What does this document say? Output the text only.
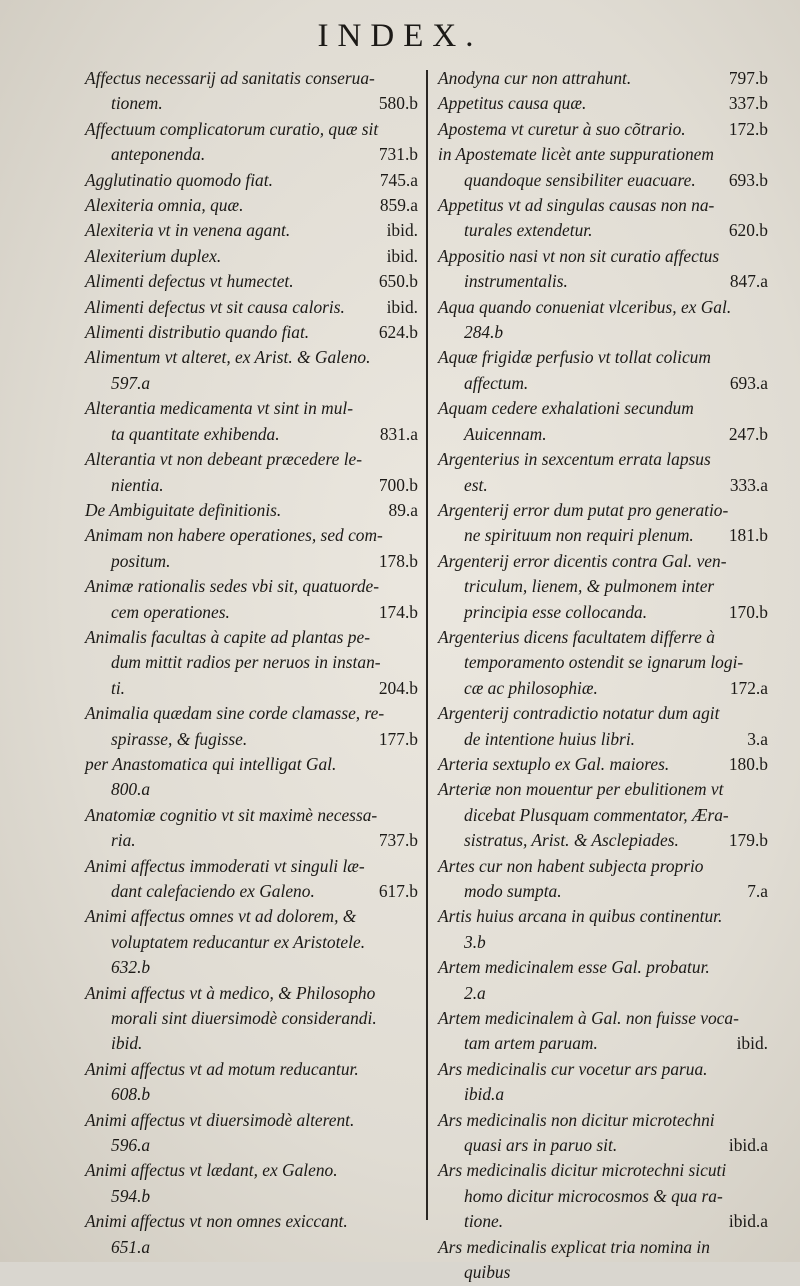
INDEX.
Affectus necessarij ad sanitatis conserua-
tionem.	580.b
Affectuum complicatorum curatio, quæ sit
anteponenda.	731.b
Agglutinatio quomodo fiat.	745.a
Alexiteria omnia, quæ.	859.a
Alexiteria vt in venena agant.	ibid.
Alexiterium duplex.	ibid.
Alimenti defectus vt humectet.	650.b
Alimenti defectus vt sit causa caloris. ibid.
Alimenti distributio quando fiat.	624.b
Alimentum vt alteret, ex Arist. & Galeno.
597.a
Alterantia medicamenta vt sint in mul-
ta quantitate exhibenda.	831.a
Alterantia vt non debeant præcedere le-
nientia.	700.b
De Ambiguitate definitionis.	89.a
Animam non habere operationes, sed com-
positum.	178.b
Animæ rationalis sedes vbi sit, quatuorde-
cem operationes.	174.b
Animalis facultas à capite ad plantas pe-
dum mittit radios per neruos in instan-
ti.	204.b
Animalia quædam sine corde clamasse, re-
spirasse, & fugisse.	177.b
per Anastomatica qui intelligat Gal.
800.a
Anatomiæ cognitio vt sit maximè necessa-
ria.	737.b
Animi affectus immoderati vt singuli læ-
dant calefaciendo ex Galeno.	617.b
Animi affectus omnes vt ad dolorem, &
voluptatem reducantur ex Aristotele.
632.b
Animi affectus vt à medico, & Philosopho
morali sint diuersimodè considerandi.
ibid.
Animi affectus vt ad motum reducantur.
608.b
Animi affectus vt diuersimodè alterent.
596.a
Animi affectus vt lædant, ex Galeno.
594.b
Animi affectus vt non omnes exiccant.
651.a
Anodyna cur non attrahunt.	797.b
Appetitus causa quæ.	337.b
Apostema vt curetur à suo cõtrario. 172.b
in Apostemate licèt ante suppurationem
quandoque sensibiliter euacuare. 693.b
Appetitus vt ad singulas causas non na-
turales extendetur.	620.b
Appositio nasi vt non sit curatio affectus
instrumentalis.	847.a
Aqua quando conueniat vlceribus, ex Gal.
284.b
Aquæ frigidæ perfusio vt tollat colicum
affectum.	693.a
Aquam cedere exhalationi secundum
Auicennam.	247.b
Argenterius in sexcentum errata lapsus
est.	333.a
Argenterij error dum putat pro generatio-
ne spirituum non requiri plenum. 181.b
Argenterij error dicentis contra Gal. ven-
triculum, lienem, & pulmonem inter
principia esse collocanda.	170.b
Argenterius dicens facultatem differre à
temporamento ostendit se ignarum logi-
cæ ac philosophiæ.	172.a
Argenterij contradictio notatur dum agit
de intentione huius libri.	3.a
Arteria sextuplo ex Gal. maiores.	180.b
Arteriæ non mouentur per ebulitionem vt
dicebat Plusquam commentator, Æra-
sistratus, Arist. & Asclepiades.	179.b
Artes cur non habent subjecta proprio
modo sumpta.	7.a
Artis huius arcana in quibus continentur.
3.b
Artem medicinalem esse Gal. probatur.
2.a
Artem medicinalem à Gal. non fuisse voca-
tam artem paruam.	ibid.
Ars medicinalis cur vocetur ars parua.
ibid.a
Ars medicinalis non dicitur microtechni
quasi ars in paruo sit.	ibid.a
Ars medicinalis dicitur microtechni sicuti
homo dicitur microcosmos & qua ra-
tione.	ibid.a
Ars medicinalis explicat tria nomina in
quibus
